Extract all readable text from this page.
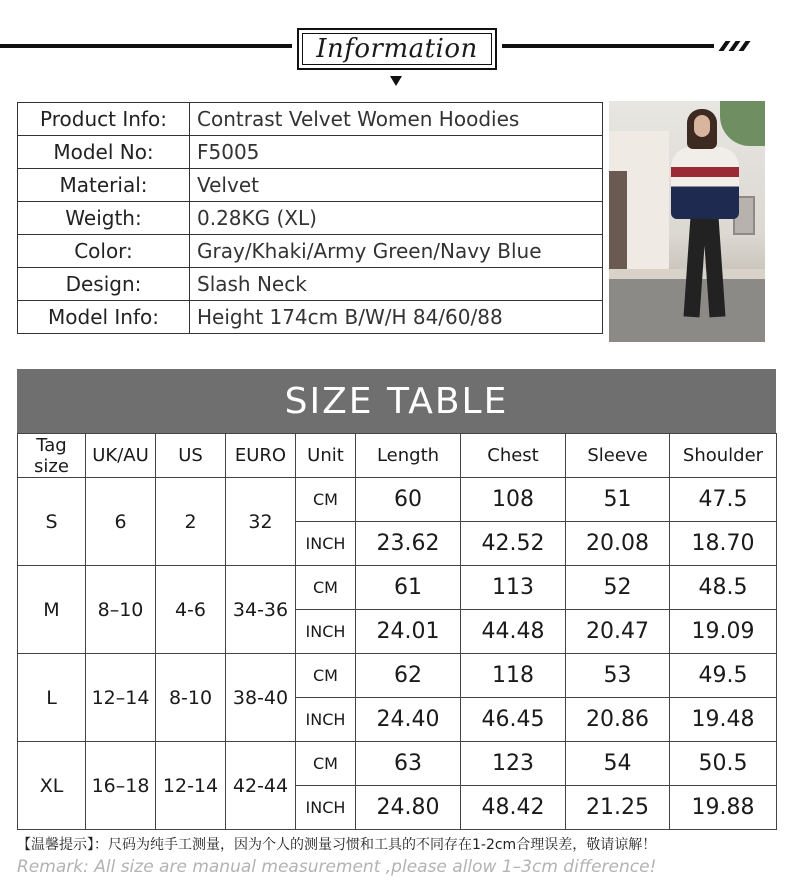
Information
Product Info:	Contrast Velvet Women Hoodies
Model No:	F5005
Material:	Velvet
Weigth:	0.28KG (XL)
Color:	Gray/Khaki/Army Green/Navy Blue
Design:	Slash Neck
Model Info:	Height 174cm B/W/H 84/60/88
SIZE TABLE
Tag size	UK/AU	US	EURO	Unit	Length	Chest	Sleeve	Shoulder
S	6	2	32	CM	60	108	51	47.5
				INCH	23.62	42.52	20.08	18.70
M	8–10	4-6	34-36	CM	61	113	52	48.5
				INCH	24.01	44.48	20.47	19.09
L	12–14	8-10	38-40	CM	62	118	53	49.5
				INCH	24.40	46.45	20.86	19.48
XL	16–18	12-14	42-44	CM	63	123	54	50.5
				INCH	24.80	48.42	21.25	19.88
【温馨提示】：尺码为纯手工测量，因为个人的测量习惯和工具的不同存在1-2cm合理误差，敬请谅解！
Remark: All size are manual measurement ,please allow 1–3cm difference!
